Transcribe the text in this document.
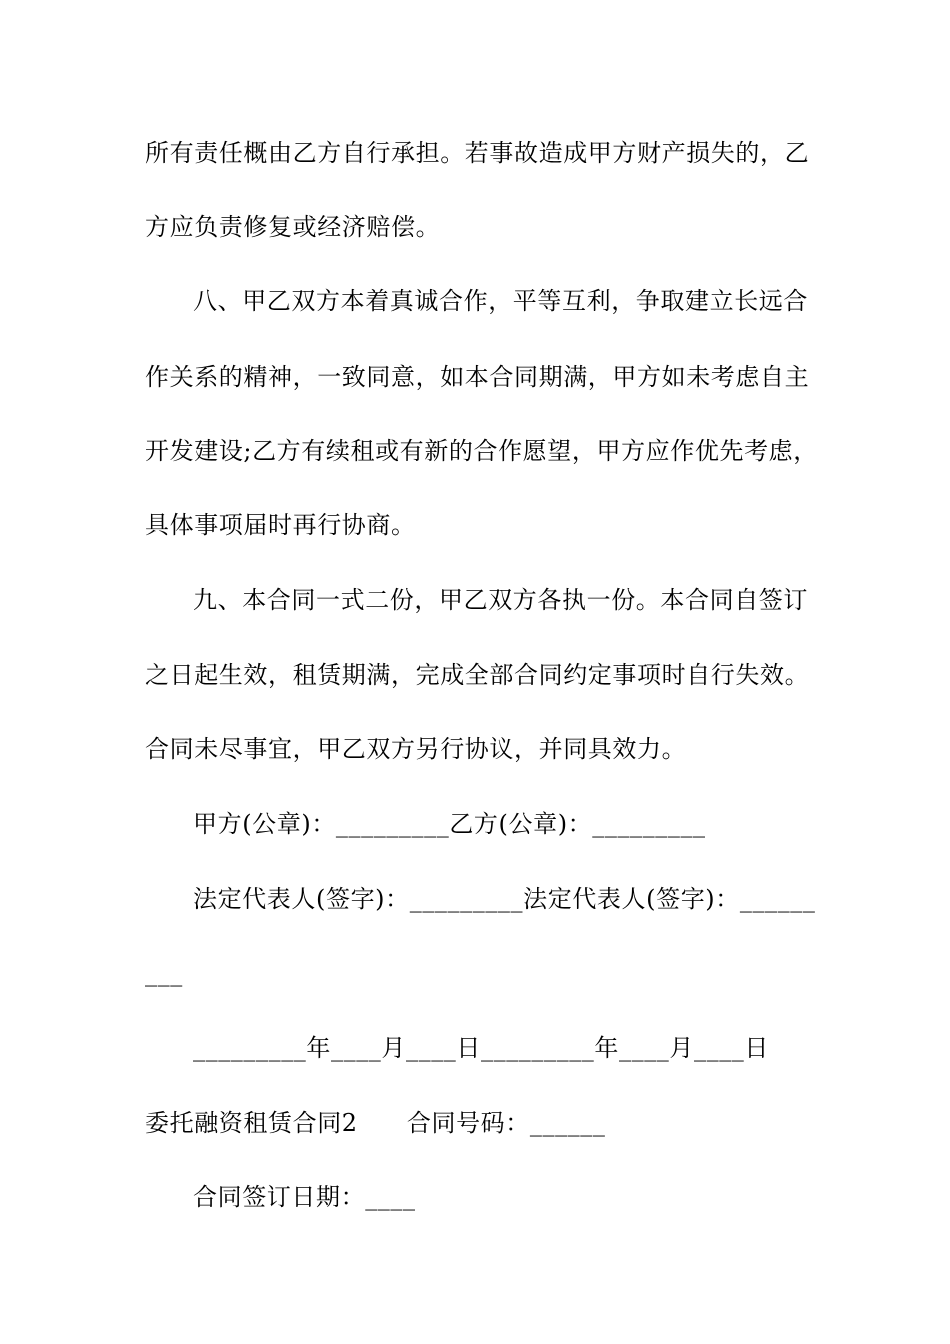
所有责任概由乙方自行承担。若事故造成甲方财产损失的，乙
方应负责修复或经济赔偿。
八、甲乙双方本着真诚合作，平等互利，争取建立长远合
作关系的精神，一致同意，如本合同期满，甲方如未考虑自主
开发建设;乙方有续租或有新的合作愿望，甲方应作优先考虑，
具体事项届时再行协商。
九、本合同一式二份，甲乙双方各执一份。本合同自签订
之日起生效，租赁期满，完成全部合同约定事项时自行失效。
合同未尽事宜，甲乙双方另行协议，并同具效力。
甲方(公章)：_________乙方(公章)：_________
法定代表人(签字)：_________法定代表人(签字)：______
___
_________年____月____日_________年____月____日
委托融资租赁合同2　　合同号码：______
合同签订日期：____
